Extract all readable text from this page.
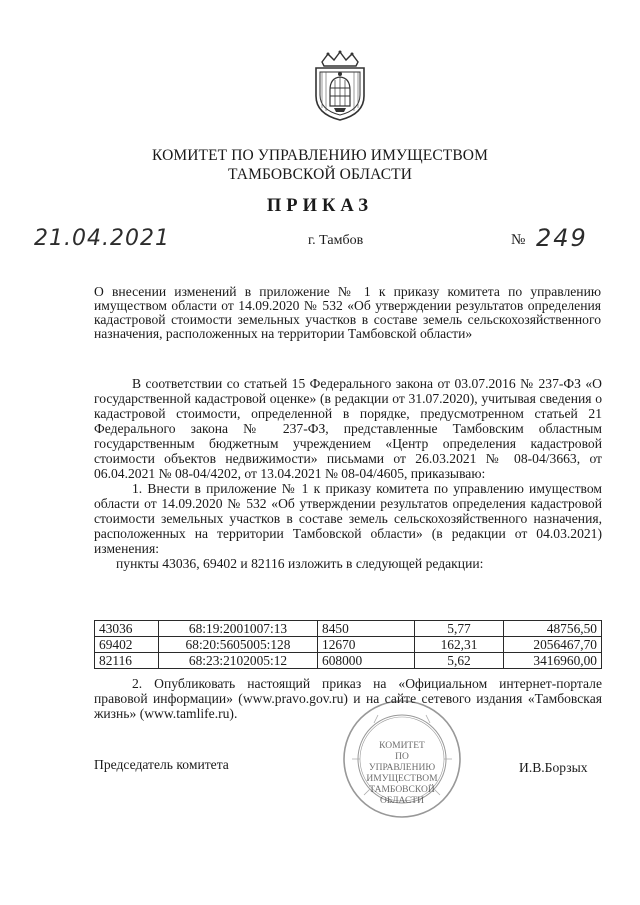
КОМИТЕТ ПО УПРАВЛЕНИЮ ИМУЩЕСТВОМ
ТАМБОВСКОЙ ОБЛАСТИ
ПРИКАЗ
21.04.2021	г. Тамбов	№ 249
О внесении изменений в приложение № 1 к приказу комитета по управлению имуществом области от 14.09.2020 № 532 «Об утверждении результатов определения кадастровой стоимости земельных участков в составе земель сельскохозяйственного назначения, расположенных на территории Тамбовской области»

В соответствии со статьей 15 Федерального закона от 03.07.2016 № 237-ФЗ «О государственной кадастровой оценке» (в редакции от 31.07.2020), учитывая сведения о кадастровой стоимости, определенной в порядке, предусмотренном статьей 21 Федерального закона № 237-ФЗ, представленные Тамбовским областным государственным бюджетным учреждением «Центр определения кадастровой стоимости объектов недвижимости» письмами от 26.03.2021 № 08-04/3663, от 06.04.2021 № 08-04/4202, от 13.04.2021 № 08-04/4605, приказываю:

1. Внести в приложение № 1 к приказу комитета по управлению имуществом области от 14.09.2020 № 532 «Об утверждении результатов определения кадастровой стоимости земельных участков в составе земель сельскохозяйственного назначения, расположенных на территории Тамбовской области» (в редакции от 04.03.2021) изменения:

пункты 43036, 69402 и 82116 изложить в следующей редакции:

43036	68:19:2001007:13	8450	5,77	48756,50
69402	68:20:5605005:128	12670	162,31	2056467,70
82116	68:23:2102005:12	608000	5,62	3416960,00

2. Опубликовать настоящий приказ на «Официальном интернет-портале правовой информации» (www.pravo.gov.ru) и на сайте сетевого издания «Тамбовская жизнь» (www.tamlife.ru).

КОМИТЕТ
ПО УПРАВЛЕНИЮ
ИМУЩЕСТВОМ
ТАМБОВСКОЙ
ОБЛАСТИ
Председатель комитета	И.В.Борзых
